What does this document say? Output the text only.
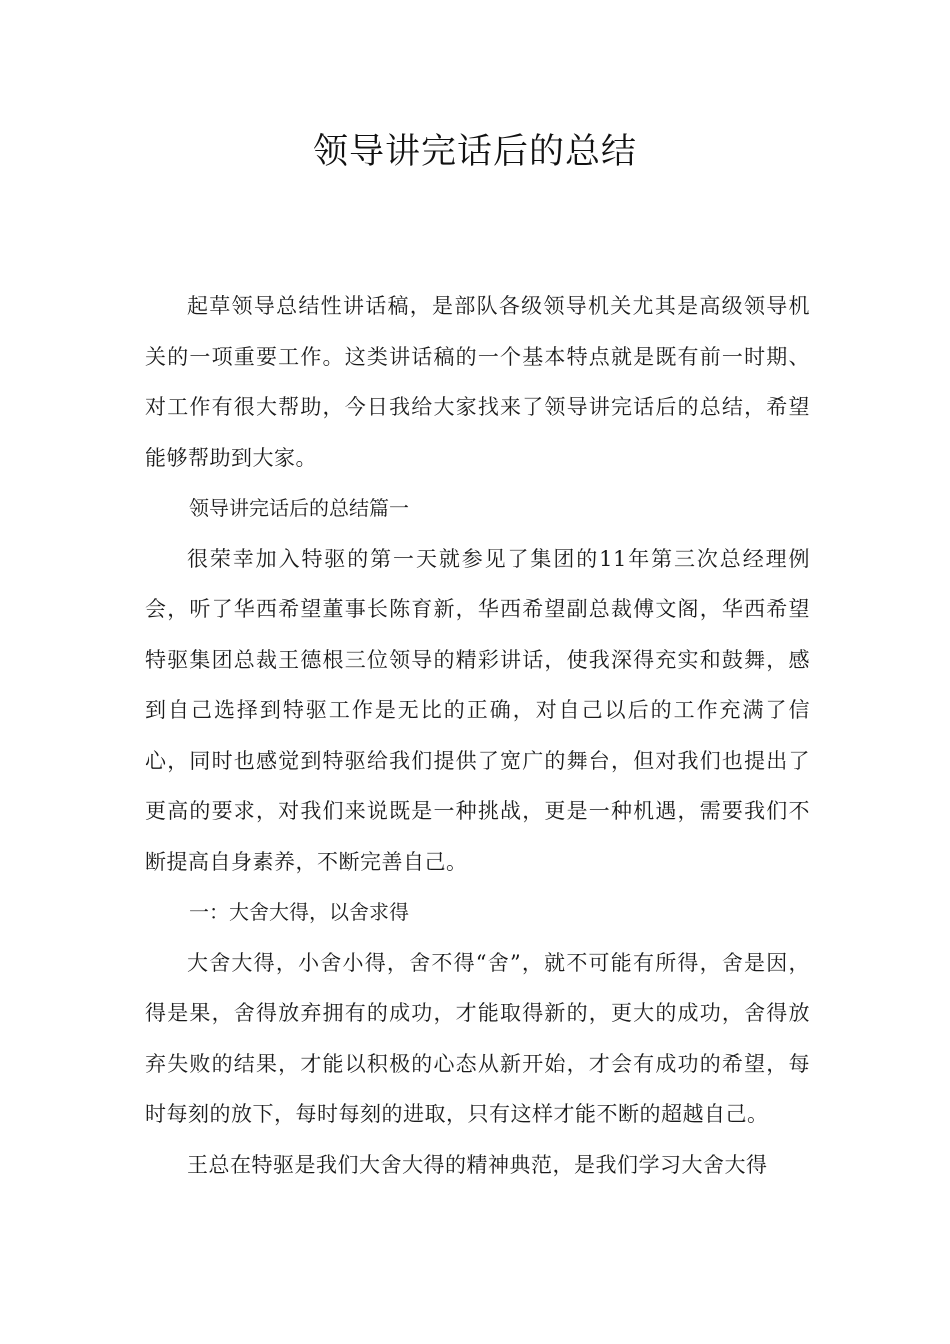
领导讲完话后的总结

起草领导总结性讲话稿，是部队各级领导机关尤其是高级领导机关的一项重要工作。这类讲话稿的一个基本特点就是既有前一时期、对工作有很大帮助，今日我给大家找来了领导讲完话后的总结，希望能够帮助到大家。

领导讲完话后的总结篇一

很荣幸加入特驱的第一天就参见了集团的11年第三次总经理例会，听了华西希望董事长陈育新，华西希望副总裁傅文阁，华西希望特驱集团总裁王德根三位领导的精彩讲话，使我深得充实和鼓舞，感到自己选择到特驱工作是无比的正确，对自己以后的工作充满了信心，同时也感觉到特驱给我们提供了宽广的舞台，但对我们也提出了更高的要求，对我们来说既是一种挑战，更是一种机遇，需要我们不断提高自身素养，不断完善自己。

一：大舍大得，以舍求得

大舍大得，小舍小得，舍不得“舍”，就不可能有所得，舍是因，得是果，舍得放弃拥有的成功，才能取得新的，更大的成功，舍得放弃失败的结果，才能以积极的心态从新开始，才会有成功的希望，每时每刻的放下，每时每刻的进取，只有这样才能不断的超越自己。

王总在特驱是我们大舍大得的精神典范，是我们学习大舍大得
